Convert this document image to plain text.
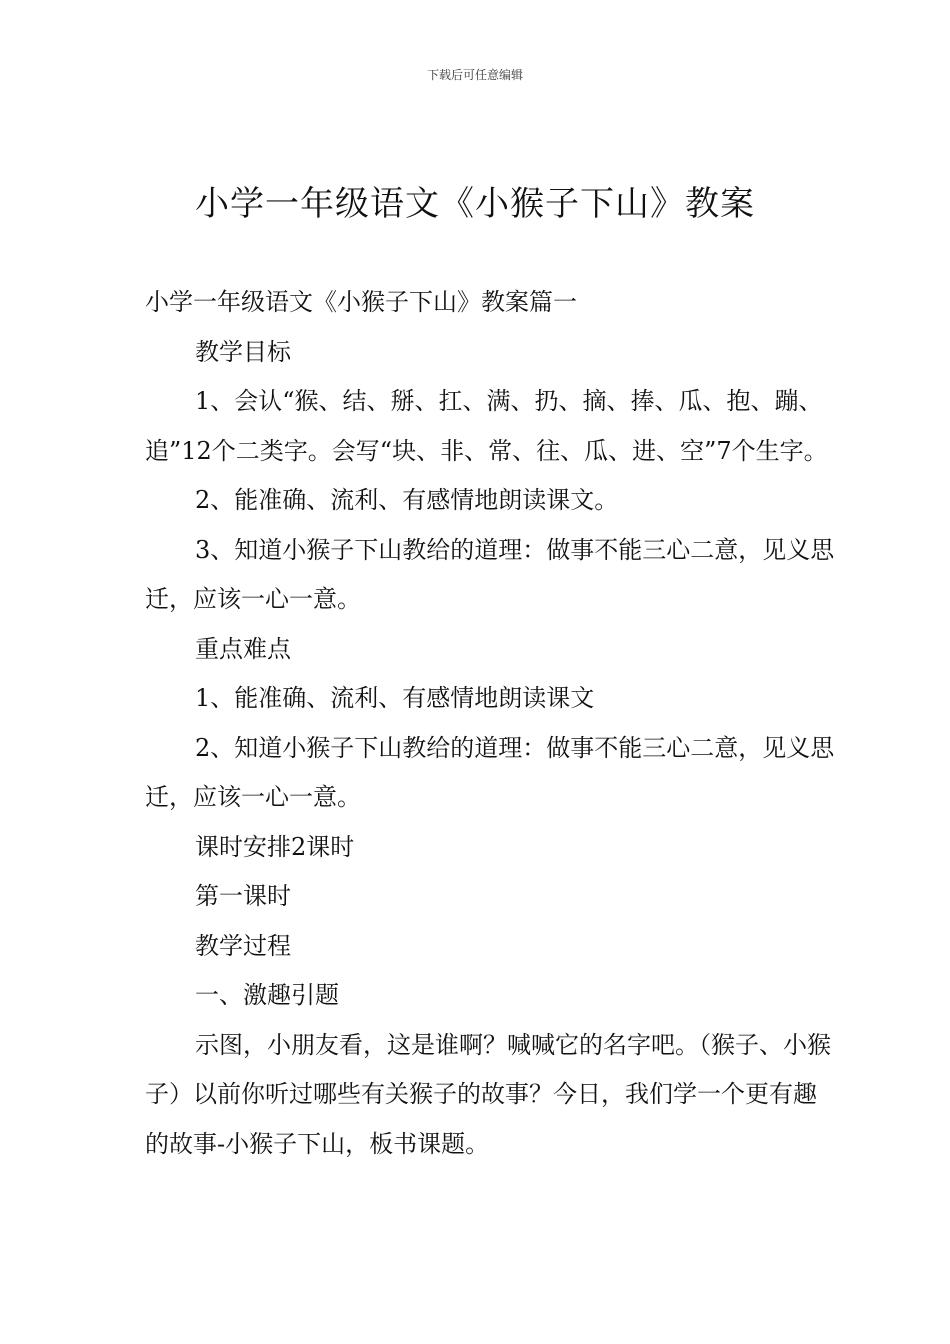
下载后可任意编辑
小学一年级语文《小猴子下山》教案
小学一年级语文《小猴子下山》教案篇一

教学目标

1、会认“猴、结、掰、扛、满、扔、摘、捧、瓜、抱、蹦、追”12个二类字。会写“块、非、常、往、瓜、进、空”7个生字。

2、能准确、流利、有感情地朗读课文。

3、知道小猴子下山教给的道理：做事不能三心二意，见义思迁，应该一心一意。

重点难点

1、能准确、流利、有感情地朗读课文

2、知道小猴子下山教给的道理：做事不能三心二意，见义思迁，应该一心一意。

课时安排2课时

第一课时

教学过程

一、激趣引题

示图，小朋友看，这是谁啊？喊喊它的名字吧。（猴子、小猴子）以前你听过哪些有关猴子的故事？今日，我们学一个更有趣的故事-小猴子下山，板书课题。
